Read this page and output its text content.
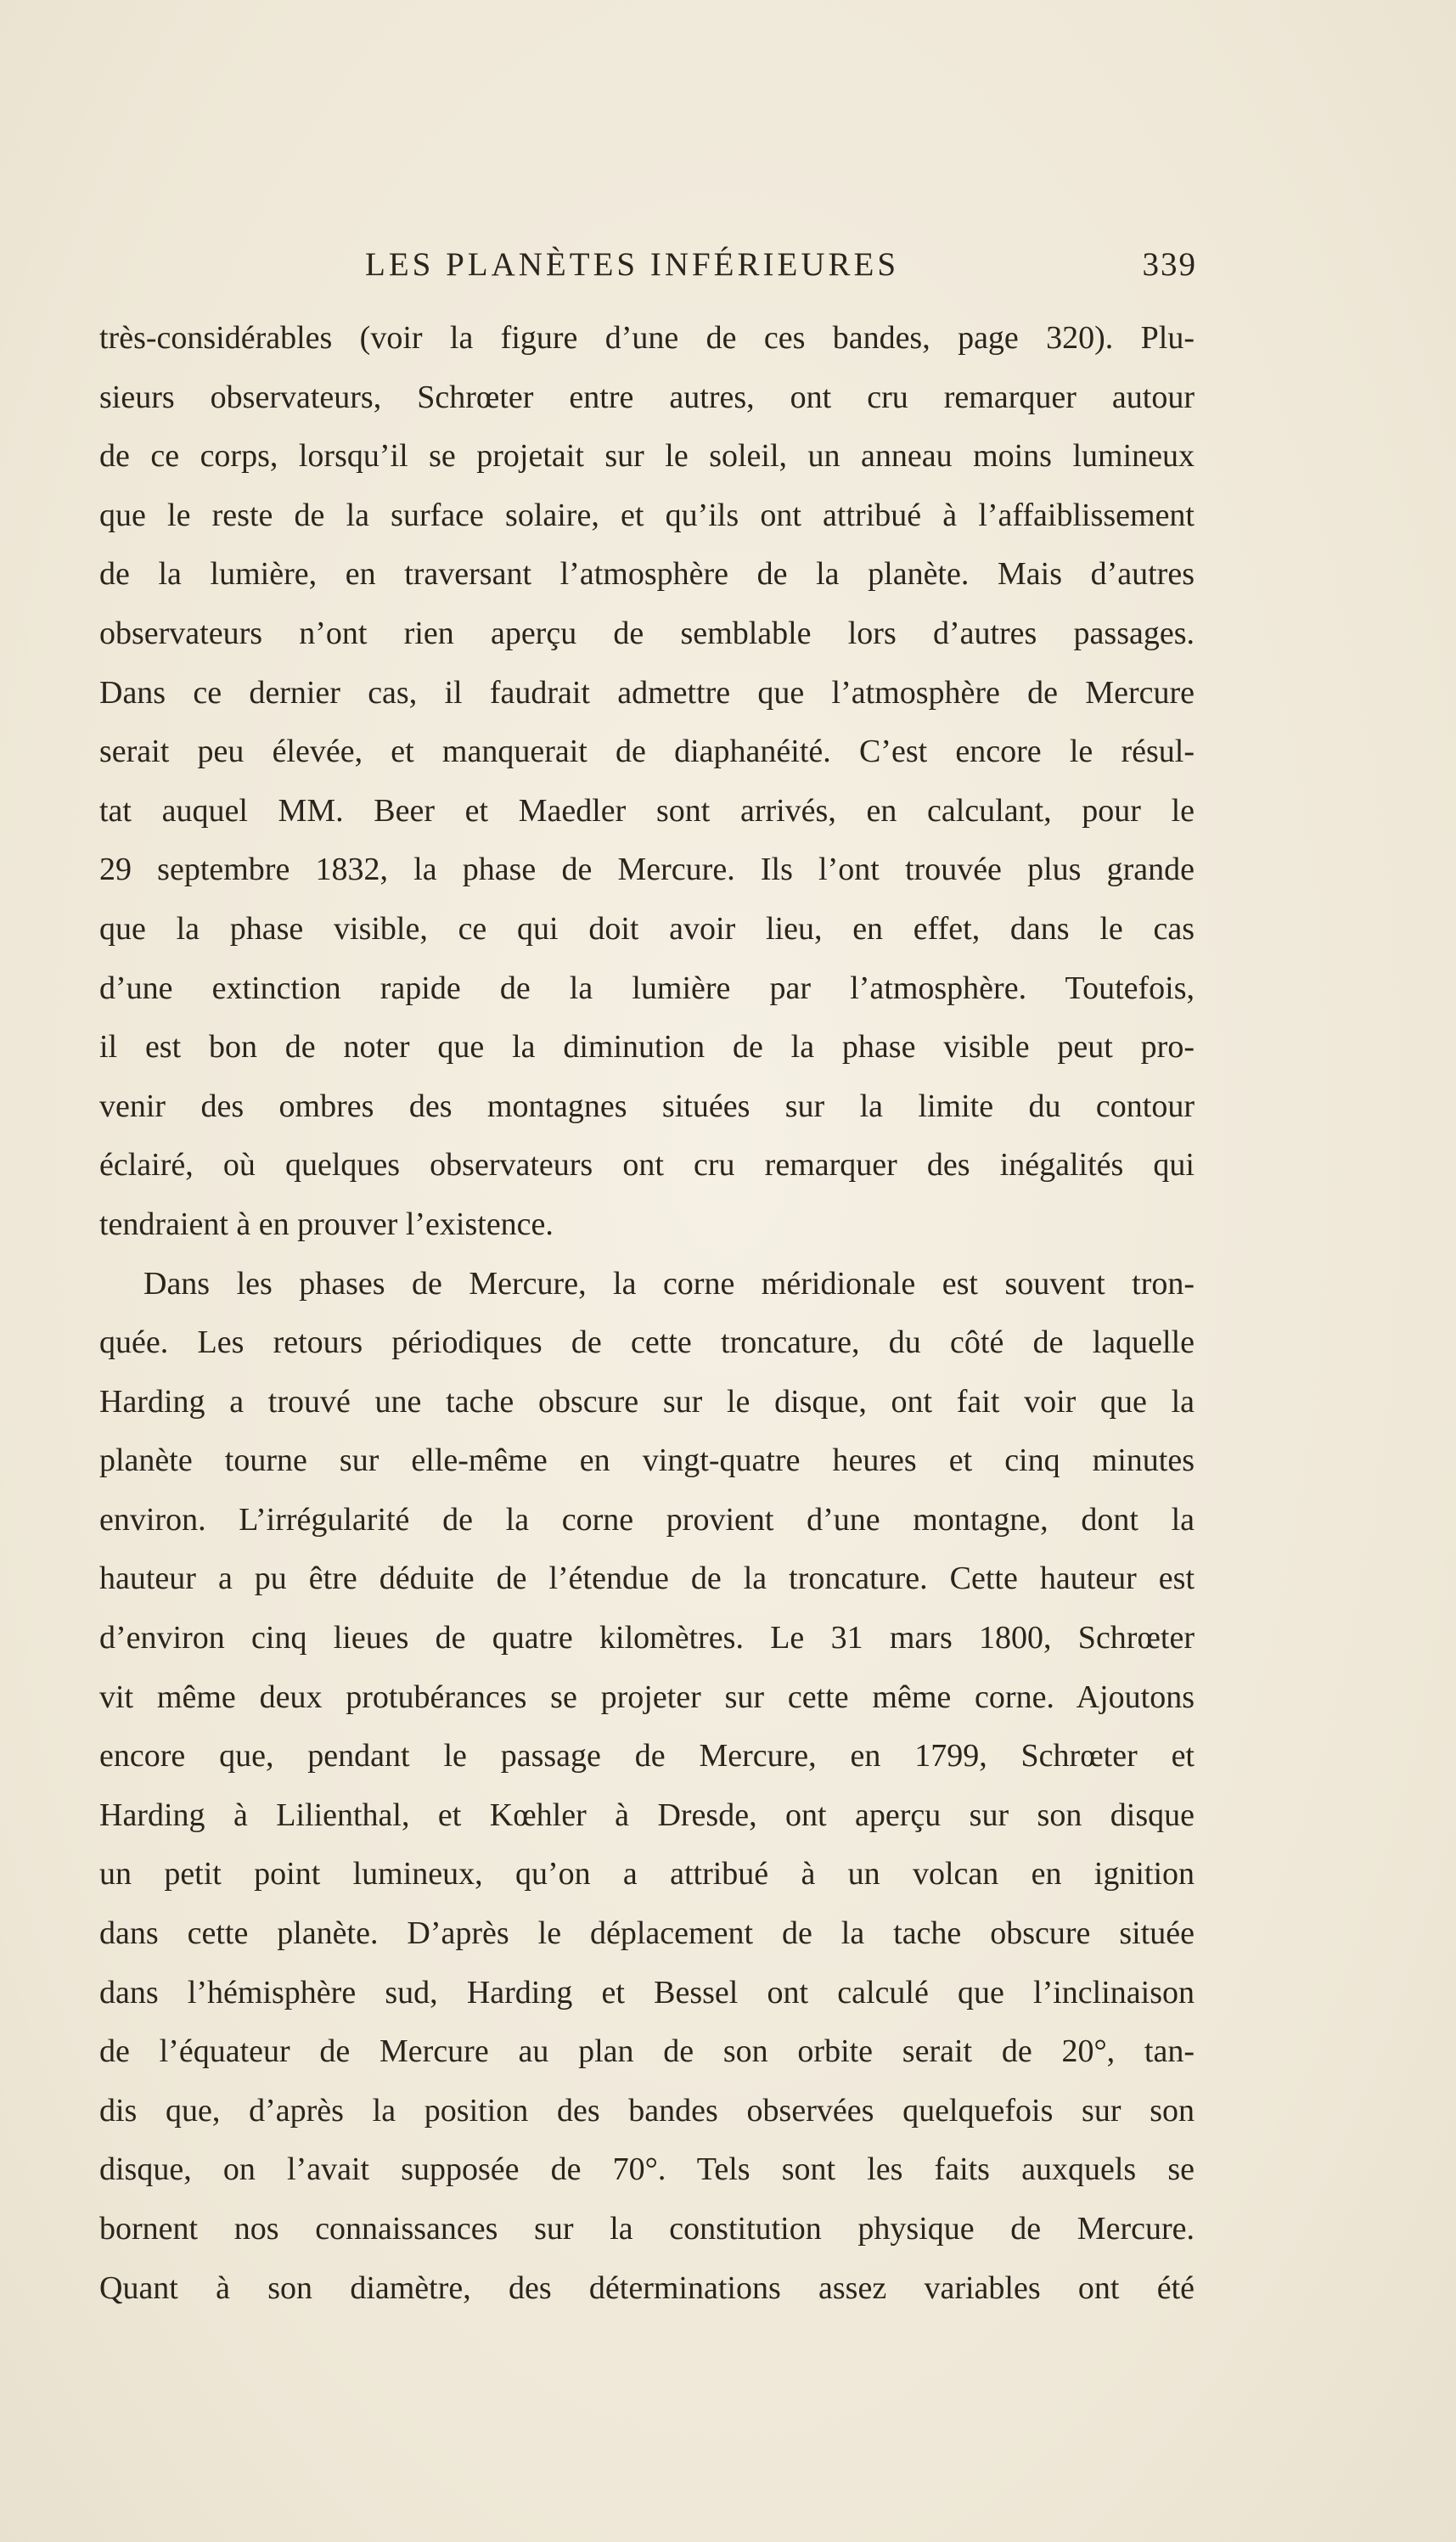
LES PLANÈTES INFÉRIEURES	339
très-considérables (voir la figure d’une de ces bandes, page 320). Plu-
sieurs observateurs, Schrœter entre autres, ont cru remarquer autour
de ce corps, lorsqu’il se projetait sur le soleil, un anneau moins lumineux
que le reste de la surface solaire, et qu’ils ont attribué à l’affaiblissement
de la lumière, en traversant l’atmosphère de la planète. Mais d’autres
observateurs n’ont rien aperçu de semblable lors d’autres passages.
Dans ce dernier cas, il faudrait admettre que l’atmosphère de Mercure
serait peu élevée, et manquerait de diaphanéité. C’est encore le résul-
tat auquel MM. Beer et Maedler sont arrivés, en calculant, pour le
29 septembre 1832, la phase de Mercure. Ils l’ont trouvée plus grande
que la phase visible, ce qui doit avoir lieu, en effet, dans le cas
d’une extinction rapide de la lumière par l’atmosphère. Toutefois,
il est bon de noter que la diminution de la phase visible peut pro-
venir des ombres des montagnes situées sur la limite du contour
éclairé, où quelques observateurs ont cru remarquer des inégalités qui
tendraient à en prouver l’existence.
Dans les phases de Mercure, la corne méridionale est souvent tron-
quée. Les retours périodiques de cette troncature, du côté de laquelle
Harding a trouvé une tache obscure sur le disque, ont fait voir que la
planète tourne sur elle-même en vingt-quatre heures et cinq minutes
environ. L’irrégularité de la corne provient d’une montagne, dont la
hauteur a pu être déduite de l’étendue de la troncature. Cette hauteur est
d’environ cinq lieues de quatre kilomètres. Le 31 mars 1800, Schrœter
vit même deux protubérances se projeter sur cette même corne. Ajoutons
encore que, pendant le passage de Mercure, en 1799, Schrœter et
Harding à Lilienthal, et Kœhler à Dresde, ont aperçu sur son disque
un petit point lumineux, qu’on a attribué à un volcan en ignition
dans cette planète. D’après le déplacement de la tache obscure située
dans l’hémisphère sud, Harding et Bessel ont calculé que l’inclinaison
de l’équateur de Mercure au plan de son orbite serait de 20°, tan-
dis que, d’après la position des bandes observées quelquefois sur son
disque, on l’avait supposée de 70°. Tels sont les faits auxquels se
bornent nos connaissances sur la constitution physique de Mercure.
Quant à son diamètre, des déterminations assez variables ont été
